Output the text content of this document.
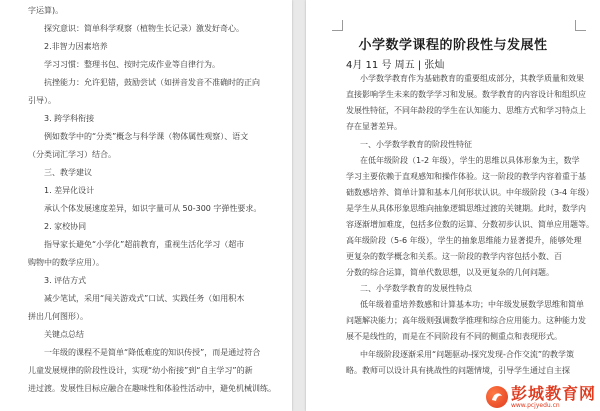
字运算)。
探究意识：简单科学观察（植物生长记录）激发好奇心。
2.非智力因素培养
学习习惯：整理书包、按时完成作业等自律行为。
抗挫能力：允许犯错，鼓励尝试（如拼音发音不准确时的正向
引导）。
3. 跨学科衔接
例如数学中的“分类”概念与科学课（物体属性观察）、语文
（分类词汇学习）结合。
三、教学建议
1. 差异化设计
承认个体发展速度差异，如识字量可从 50-300 字弹性要求。
2. 家校协同
指导家长避免“小学化”超前教育，重视生活化学习（超市
购物中的数学应用）。
3. 评估方式
减少笔试，采用“闯关游戏式”口试、实践任务（如用积木
拼出几何图形）。
关键点总结
一年级的课程不是简单“降低难度的知识传授”，而是通过符合
儿童发展规律的阶段性设计，实现“幼小衔接”到“自主学习”的新
进过渡。发展性目标应融合在趣味性和体验性活动中，避免机械训练。
小学数学课程的阶段性与发展性
4月 11 号 周五 | 张灿
小学数学教育作为基础教育的重要组成部分，其教学质量和效果
直接影响学生未来的数学学习和发展。数学教育的内容设计和组织应
发展性特征，不同年龄段的学生在认知能力、思维方式和学习特点上
存在显著差异。
一、小学数学教育的阶段性特征
在低年级阶段（1-2 年级），学生的思维以具体形象为主，数学
学习主要依赖于直观感知和操作体验。这一阶段的教学内容着重于基
础数感培养、简单计算和基本几何形状认识。中年级阶段（3-4 年级）
是学生从具体形象思维向抽象逻辑思维过渡的关键期。此时，数学内
容逐渐增加难度，包括多位数的运算、分数初步认识、简单应用题等。
高年级阶段（5-6 年级），学生的抽象思维能力显著提升，能够处理
更复杂的数学概念和关系。这一阶段的教学内容包括小数、百
分数的综合运算，简单代数思想，以及更复杂的几何问题。
二、小学数学教育的发展性特点
低年级着重培养数感和计算基本功；中年级发展数学思维和简单
问题解决能力；高年级则强调数学推理和综合应用能力。这种能力发
展不是线性的，而是在不同阶段有不同的侧重点和表现形式。
中年级阶段逐渐采用“问题驱动-探究发现-合作交流”的教学策
略。教师可以设计具有挑战性的问题情境，引导学生通过自主探
彭城教育网
www.pcjyedu.cn
